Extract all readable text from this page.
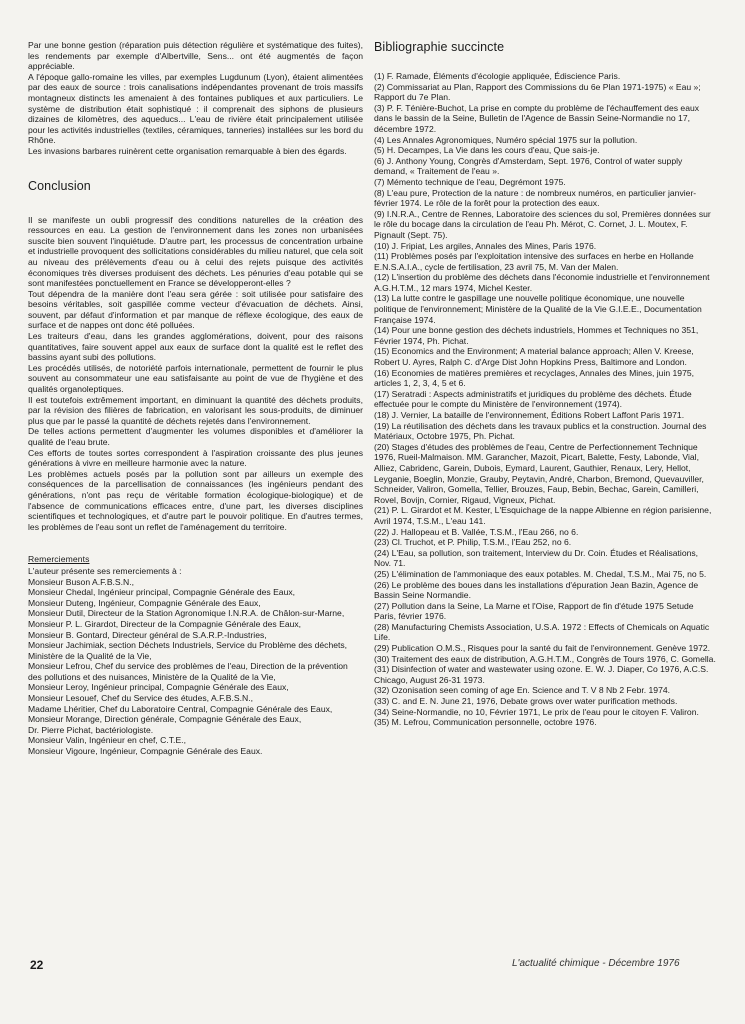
Par une bonne gestion (réparation puis détection régulière et systématique des fuites), les rendements par exemple d'Albertville, Sens... ont été augmentés de façon appréciable.

A l'époque gallo-romaine les villes, par exemples Lugdunum (Lyon), étaient alimentées par des eaux de source : trois canalisations indépendantes provenant de trois massifs montagneux distincts les amenaient à des fontaines publiques et aux particuliers. Le système de distribution était sophistiqué : il comprenait des siphons de plusieurs dizaines de kilomètres, des aqueducs... L'eau de rivière était principalement utilisée pour les activités industrielles (textiles, céramiques, tanneries) installées sur les bord du Rhône.

Les invasions barbares ruinèrent cette organisation remarquable à bien des égards.

Conclusion

Il se manifeste un oubli progressif des conditions naturelles de la création des ressources en eau. La gestion de l'environnement dans les zones non urbanisées suscite bien souvent l'inquiétude. D'autre part, les processus de concentration urbaine et industrielle provoquent des sollicitations considérables du milieu naturel, que cela soit au niveau des prélèvements d'eau ou à celui des rejets puisque des activités économiques très diverses produisent des déchets. Les pénuries d'eau potable qui se sont manifestées ponctuellement en France se développeront-elles ?

Tout dépendra de la manière dont l'eau sera gérée : soit utilisée pour satisfaire des besoins véritables, soit gaspillée comme vecteur d'évacuation de déchets. Ainsi, souvent, par défaut d'information et par manque de réflexe écologique, des eaux de surface et de nappes ont donc été polluées.

Les traiteurs d'eau, dans les grandes agglomérations, doivent, pour des raisons quantitatives, faire souvent appel aux eaux de surface dont la qualité est le reflet des bassins ayant subi des pollutions.

Les procédés utilisés, de notoriété parfois internationale, permettent de fournir le plus souvent au consommateur une eau satisfaisante au point de vue de l'hygiène et des qualités organoleptiques.

Il est toutefois extrêmement important, en diminuant la quantité des déchets produits, par la révision des filières de fabrication, en valorisant les sous-produits, de diminuer plus que par le passé la quantité de déchets rejetés dans l'environnement.

De telles actions permettent d'augmenter les volumes disponibles et d'améliorer la qualité de l'eau brute.

Ces efforts de toutes sortes correspondent à l'aspiration croissante des plus jeunes générations à vivre en meilleure harmonie avec la nature.

Les problèmes actuels posés par la pollution sont par ailleurs un exemple des conséquences de la parcellisation de connaissances (les ingénieurs pendant des générations, n'ont pas reçu de véritable formation écologique-biologique) et de l'absence de communications efficaces entre, d'une part, les diverses disciplines scientifiques et technologiques, et d'autre part le pouvoir politique. En d'autres termes, les problèmes de l'eau sont un reflet de l'aménagement du territoire.

Remerciements

L'auteur présente ses remerciements à :

Monsieur Buson A.F.B.S.N.,

Monsieur Chedal, Ingénieur principal, Compagnie Générale des Eaux,

Monsieur Duteng, Ingénieur, Compagnie Générale des Eaux,

Monsieur Dutil, Directeur de la Station Agronomique I.N.R.A. de Châlon-sur-Marne,

Monsieur P. L. Girardot, Directeur de la Compagnie Générale des Eaux,

Monsieur B. Gontard, Directeur général de S.A.R.P.-Industries,

Monsieur Jachimiak, section Déchets Industriels, Service du Problème des déchets, Ministère de la Qualité de la Vie,

Monsieur Lefrou, Chef du service des problèmes de l'eau, Direction de la prévention des pollutions et des nuisances, Ministère de la Qualité de la Vie,

Monsieur Leroy, Ingénieur principal, Compagnie Générale des Eaux,

Monsieur Lesouef, Chef du Service des études, A.F.B.S.N.,

Madame Lhéritier, Chef du Laboratoire Central, Compagnie Générale des Eaux,

Monsieur Morange, Direction générale, Compagnie Générale des Eaux,

Dr. Pierre Pichat, bactériologiste.

Monsieur Valin, Ingénieur en chef, C.T.E.,

Monsieur Vigoure, Ingénieur, Compagnie Générale des Eaux.

Bibliographie succincte

(1) F. Ramade, Éléments d'écologie appliquée, Édiscience Paris.

(2) Commissariat au Plan, Rapport des Commissions du 6e Plan 1971-1975) « Eau »; Rapport du 7e Plan.

(3) P. F. Ténière-Buchot, La prise en compte du problème de l'échauffement des eaux dans le bassin de la Seine, Bulletin de l'Agence de Bassin Seine-Normandie no 17, décembre 1972.

(4) Les Annales Agronomiques, Numéro spécial 1975 sur la pollution.

(5) H. Decampes, La Vie dans les cours d'eau, Que sais-je.

(6) J. Anthony Young, Congrès d'Amsterdam, Sept. 1976, Control of water supply demand, « Traitement de l'eau ».

(7) Mémento technique de l'eau, Degrémont 1975.

(8) L'eau pure, Protection de la nature : de nombreux numéros, en particulier janvier-février 1974. Le rôle de la forêt pour la protection des eaux.

(9) I.N.R.A., Centre de Rennes, Laboratoire des sciences du sol, Premières données sur le rôle du bocage dans la circulation de l'eau Ph. Mérot, C. Cornet, J. L. Moutex, F. Pignault (Sept. 75).

(10) J. Fripiat, Les argiles, Annales des Mines, Paris 1976.

(11) Problèmes posés par l'exploitation intensive des surfaces en herbe en Hollande E.N.S.A.I.A., cycle de fertilisation, 23 avril 75, M. Van der Malen.

(12) L'insertion du problème des déchets dans l'économie industrielle et l'environnement A.G.H.T.M., 12 mars 1974, Michel Kester.

(13) La lutte contre le gaspillage une nouvelle politique économique, une nouvelle politique de l'environnement; Ministère de la Qualité de la Vie G.I.E.E., Documentation Française 1974.

(14) Pour une bonne gestion des déchets industriels, Hommes et Techniques no 351, Février 1974, Ph. Pichat.

(15) Economics and the Environment; A material balance approach; Allen V. Kreese, Robert U. Ayres, Ralph C. d'Arge Dist John Hopkins Press, Baltimore and London.

(16) Economies de matières premières et recyclages, Annales des Mines, juin 1975, articles 1, 2, 3, 4, 5 et 6.

(17) Seratradi : Aspects administratifs et juridiques du problème des déchets. Étude effectuée pour le compte du Ministère de l'environnement (1974).

(18) J. Vernier, La bataille de l'environnement, Éditions Robert Laffont Paris 1971.

(19) La réutilisation des déchets dans les travaux publics et la construction. Journal des Matériaux, Octobre 1975, Ph. Pichat.

(20) Stages d'études des problèmes de l'eau, Centre de Perfectionnement Technique 1976, Rueil-Malmaison. MM. Garancher, Mazoit, Picart, Balette, Festy, Labonde, Vial, Alliez, Cabridenc, Garein, Dubois, Eymard, Laurent, Gauthier, Renaux, Lery, Hellot, Leyganie, Boeglin, Monzie, Grauby, Peytavin, André, Charbon, Bremond, Quevauviller, Schneider, Valiron, Gomella, Tellier, Brouzes, Faup, Bebin, Bechac, Garein, Camilleri, Rovel, Bovijn, Cornier, Rigaud, Vigneux, Pichat.

(21) P. L. Girardot et M. Kester, L'Esquichage de la nappe Albienne en région parisienne, Avril 1974, T.S.M., L'eau 141.

(22) J. Hallopeau et B. Vallée, T.S.M., l'Eau 266, no 6.

(23) Cl. Truchot, et P. Philip, T.S.M., l'Eau 252, no 6.

(24) L'Eau, sa pollution, son traitement, Interview du Dr. Coin. Études et Réalisations, Nov. 71.

(25) L'élimination de l'ammoniaque des eaux potables. M. Chedal, T.S.M., Mai 75, no 5.

(26) Le problème des boues dans les installations d'épuration Jean Bazin, Agence de Bassin Seine Normandie.

(27) Pollution dans la Seine, La Marne et l'Oise, Rapport de fin d'étude 1975 Setude Paris, février 1976.

(28) Manufacturing Chemists Association, U.S.A. 1972 : Effects of Chemicals on Aquatic Life.

(29) Publication O.M.S., Risques pour la santé du fait de l'environnement. Genève 1972.

(30) Traitement des eaux de distribution, A.G.H.T.M., Congrès de Tours 1976, C. Gomella.

(31) Disinfection of water and wastewater using ozone. E. W. J. Diaper, Co 1976, A.C.S. Chicago, August 26-31 1973.

(32) Ozonisation seen coming of age En. Science and T. V 8 Nb 2 Febr. 1974.

(33) C. and E. N. June 21, 1976, Debate grows over water purification methods.

(34) Seine-Normandie, no 10, Février 1971, Le prix de l'eau pour le citoyen F. Valiron.

(35) M. Lefrou, Communication personnelle, octobre 1976.

22	L'actualité chimique - Décembre 1976
